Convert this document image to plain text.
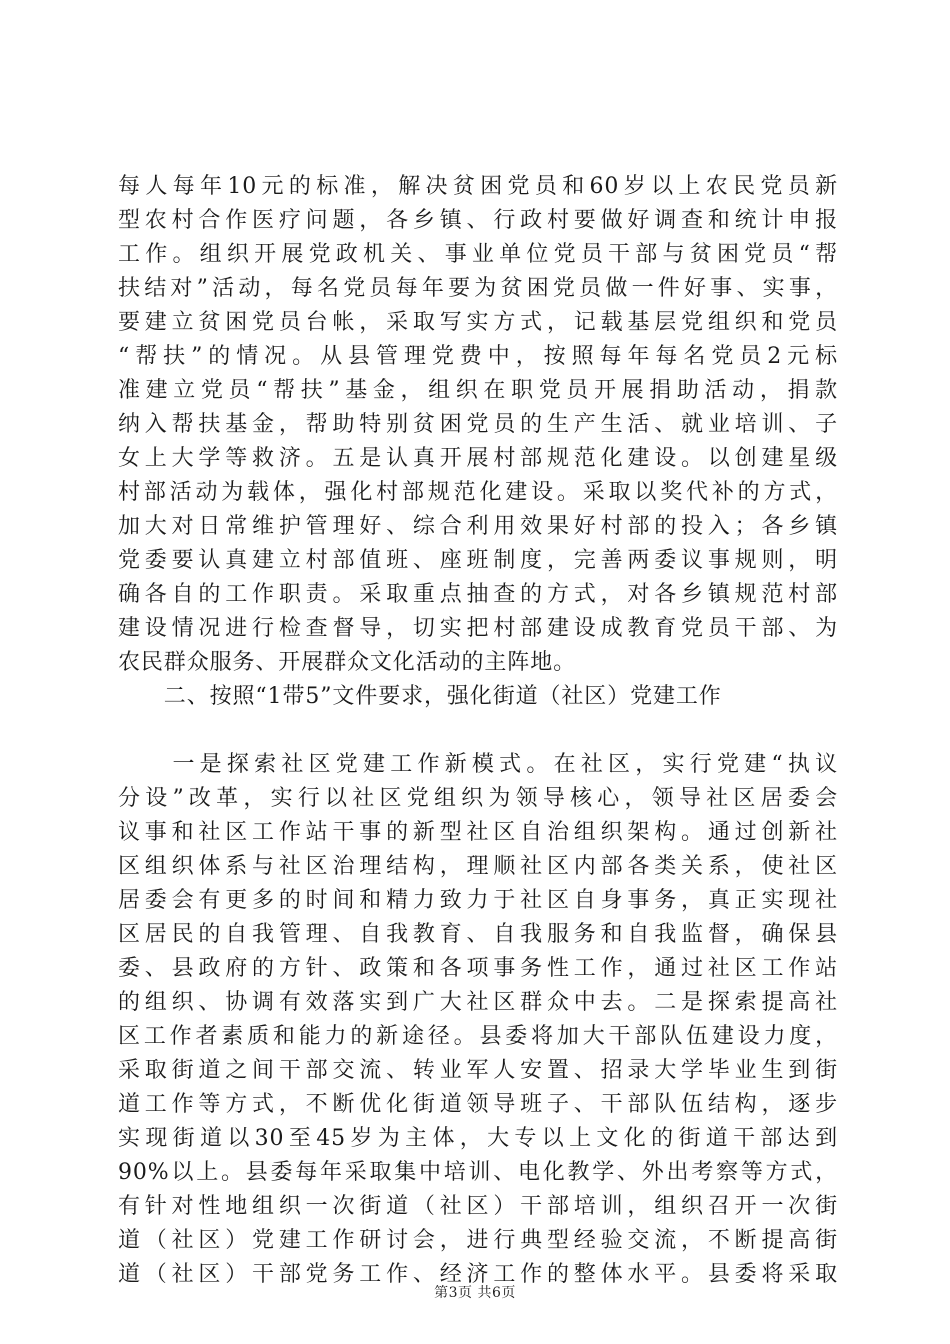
每人每年10元的标准，解决贫困党员和60岁以上农民党员新
型农村合作医疗问题，各乡镇、行政村要做好调查和统计申报
工作。组织开展党政机关、事业单位党员干部与贫困党员“帮
扶结对”活动，每名党员每年要为贫困党员做一件好事、实事，
要建立贫困党员台帐，采取写实方式，记载基层党组织和党员
“帮扶”的情况。从县管理党费中，按照每年每名党员2元标
准建立党员“帮扶”基金，组织在职党员开展捐助活动，捐款
纳入帮扶基金，帮助特别贫困党员的生产生活、就业培训、子
女上大学等救济。五是认真开展村部规范化建设。以创建星级
村部活动为载体，强化村部规范化建设。采取以奖代补的方式，
加大对日常维护管理好、综合利用效果好村部的投入；各乡镇
党委要认真建立村部值班、座班制度，完善两委议事规则，明
确各自的工作职责。采取重点抽查的方式，对各乡镇规范村部
建设情况进行检查督导，切实把村部建设成教育党员干部、为
农民群众服务、开展群众文化活动的主阵地。
　　二、按照“1带5”文件要求，强化街道（社区）党建工作
　　一是探索社区党建工作新模式。在社区，实行党建“执议
分设”改革，实行以社区党组织为领导核心，领导社区居委会
议事和社区工作站干事的新型社区自治组织架构。通过创新社
区组织体系与社区治理结构，理顺社区内部各类关系，使社区
居委会有更多的时间和精力致力于社区自身事务，真正实现社
区居民的自我管理、自我教育、自我服务和自我监督，确保县
委、县政府的方针、政策和各项事务性工作，通过社区工作站
的组织、协调有效落实到广大社区群众中去。二是探索提高社
区工作者素质和能力的新途径。县委将加大干部队伍建设力度，
采取街道之间干部交流、转业军人安置、招录大学毕业生到街
道工作等方式，不断优化街道领导班子、干部队伍结构，逐步
实现街道以30至45岁为主体，大专以上文化的街道干部达到
90%以上。县委每年采取集中培训、电化教学、外出考察等方式，
有针对性地组织一次街道（社区）干部培训，组织召开一次街
道（社区）党建工作研讨会，进行典型经验交流，不断提高街
第3页 共6页
道（社区）干部党务工作、经济工作的整体水平。县委将采取
